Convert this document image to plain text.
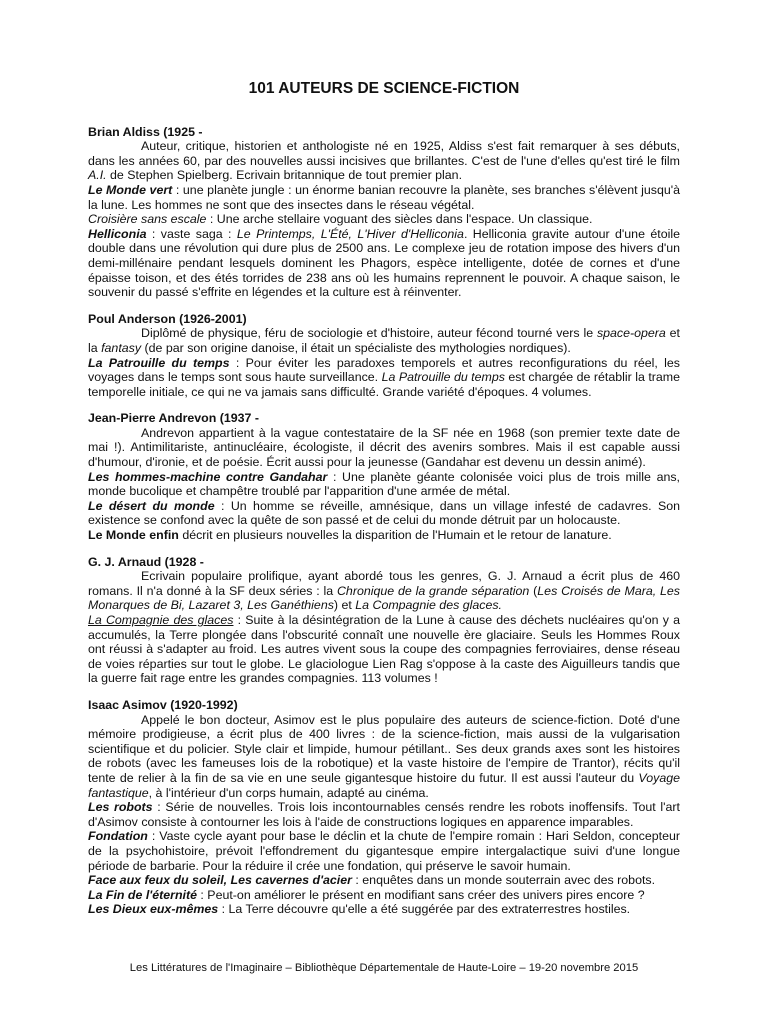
101 AUTEURS DE SCIENCE-FICTION

Brian Aldiss (1925 -

Auteur, critique, historien et anthologiste né en 1925, Aldiss s'est fait remarquer à ses débuts, dans les années 60, par des nouvelles aussi incisives que brillantes. C'est de l'une d'elles qu'est tiré le film A.I. de Stephen Spielberg. Ecrivain britannique de tout premier plan.

Le Monde vert : une planète jungle : un énorme banian recouvre la planète, ses branches s'élèvent jusqu'à la lune. Les hommes ne sont que des insectes dans le réseau végétal.

Croisière sans escale : Une arche stellaire voguant des siècles dans l'espace. Un classique.

Helliconia : vaste saga : Le Printemps, L'Été, L'Hiver d'Helliconia. Helliconia gravite autour d'une étoile double dans une révolution qui dure plus de 2500 ans. Le complexe jeu de rotation impose des hivers d'un demi-millénaire pendant lesquels dominent les Phagors, espèce intelligente, dotée de cornes et d'une épaisse toison, et des étés torrides de 238 ans où les humains reprennent le pouvoir. A chaque saison, le souvenir du passé s'effrite en légendes et la culture est à réinventer.

Poul Anderson (1926-2001)

Diplômé de physique, féru de sociologie et d'histoire, auteur fécond tourné vers le space-opera et la fantasy (de par son origine danoise, il était un spécialiste des mythologies nordiques).

La Patrouille du temps : Pour éviter les paradoxes temporels et autres reconfigurations du réel, les voyages dans le temps sont sous haute surveillance. La Patrouille du temps est chargée de rétablir la trame temporelle initiale, ce qui ne va jamais sans difficulté. Grande variété d'époques. 4 volumes.

Jean-Pierre Andrevon (1937 -

Andrevon appartient à la vague contestataire de la SF née en 1968 (son premier texte date de mai !). Antimilitariste, antinucléaire, écologiste, il décrit des avenirs sombres. Mais il est capable aussi d'humour, d'ironie, et de poésie. Écrit aussi pour la jeunesse (Gandahar est devenu un dessin animé).

Les hommes-machine contre Gandahar : Une planète géante colonisée voici plus de trois mille ans, monde bucolique et champêtre troublé par l'apparition d'une armée de métal.

Le désert du monde : Un homme se réveille, amnésique, dans un village infesté de cadavres. Son existence se confond avec la quête de son passé et de celui du monde détruit par un holocauste.

Le Monde enfin décrit en plusieurs nouvelles la disparition de l'Humain et le retour de lanature.

G. J. Arnaud (1928 -

Ecrivain populaire prolifique, ayant abordé tous les genres, G. J. Arnaud a écrit plus de 460 romans. Il n'a donné à la SF deux séries : la Chronique de la grande séparation (Les Croisés de Mara, Les Monarques de Bi, Lazaret 3, Les Ganéthiens) et La Compagnie des glaces.

La Compagnie des glaces : Suite à la désintégration de la Lune à cause des déchets nucléaires qu'on y a accumulés, la Terre plongée dans l'obscurité connaît une nouvelle ère glaciaire. Seuls les Hommes Roux ont réussi à s'adapter au froid. Les autres vivent sous la coupe des compagnies ferroviaires, dense réseau de voies réparties sur tout le globe. Le glaciologue Lien Rag s'oppose à la caste des Aiguilleurs tandis que la guerre fait rage entre les grandes compagnies. 113 volumes !

Isaac Asimov (1920-1992)

Appelé le bon docteur, Asimov est le plus populaire des auteurs de science-fiction. Doté d'une mémoire prodigieuse, a écrit plus de 400 livres : de la science-fiction, mais aussi de la vulgarisation scientifique et du policier. Style clair et limpide, humour pétillant.. Ses deux grands axes sont les histoires de robots (avec les fameuses lois de la robotique) et la vaste histoire de l'empire de Trantor), récits qu'il tente de relier à la fin de sa vie en une seule gigantesque histoire du futur. Il est aussi l'auteur du Voyage fantastique, à l'intérieur d'un corps humain, adapté au cinéma.

Les robots : Série de nouvelles. Trois lois incontournables censés rendre les robots inoffensifs. Tout l'art d'Asimov consiste à contourner les lois à l'aide de constructions logiques en apparence imparables.

Fondation : Vaste cycle ayant pour base le déclin et la chute de l'empire romain : Hari Seldon, concepteur de la psychohistoire, prévoit l'effondrement du gigantesque empire intergalactique suivi d'une longue période de barbarie. Pour la réduire il crée une fondation, qui préserve le savoir humain.

Face aux feux du soleil, Les cavernes d'acier : enquêtes dans un monde souterrain avec des robots.

La Fin de l'éternité : Peut-on améliorer le présent en modifiant sans créer des univers pires encore ?

Les Dieux eux-mêmes : La Terre découvre qu'elle a été suggérée par des extraterrestres hostiles.

Les Littératures de l'Imaginaire – Bibliothèque Départementale de Haute-Loire – 19-20 novembre 2015
